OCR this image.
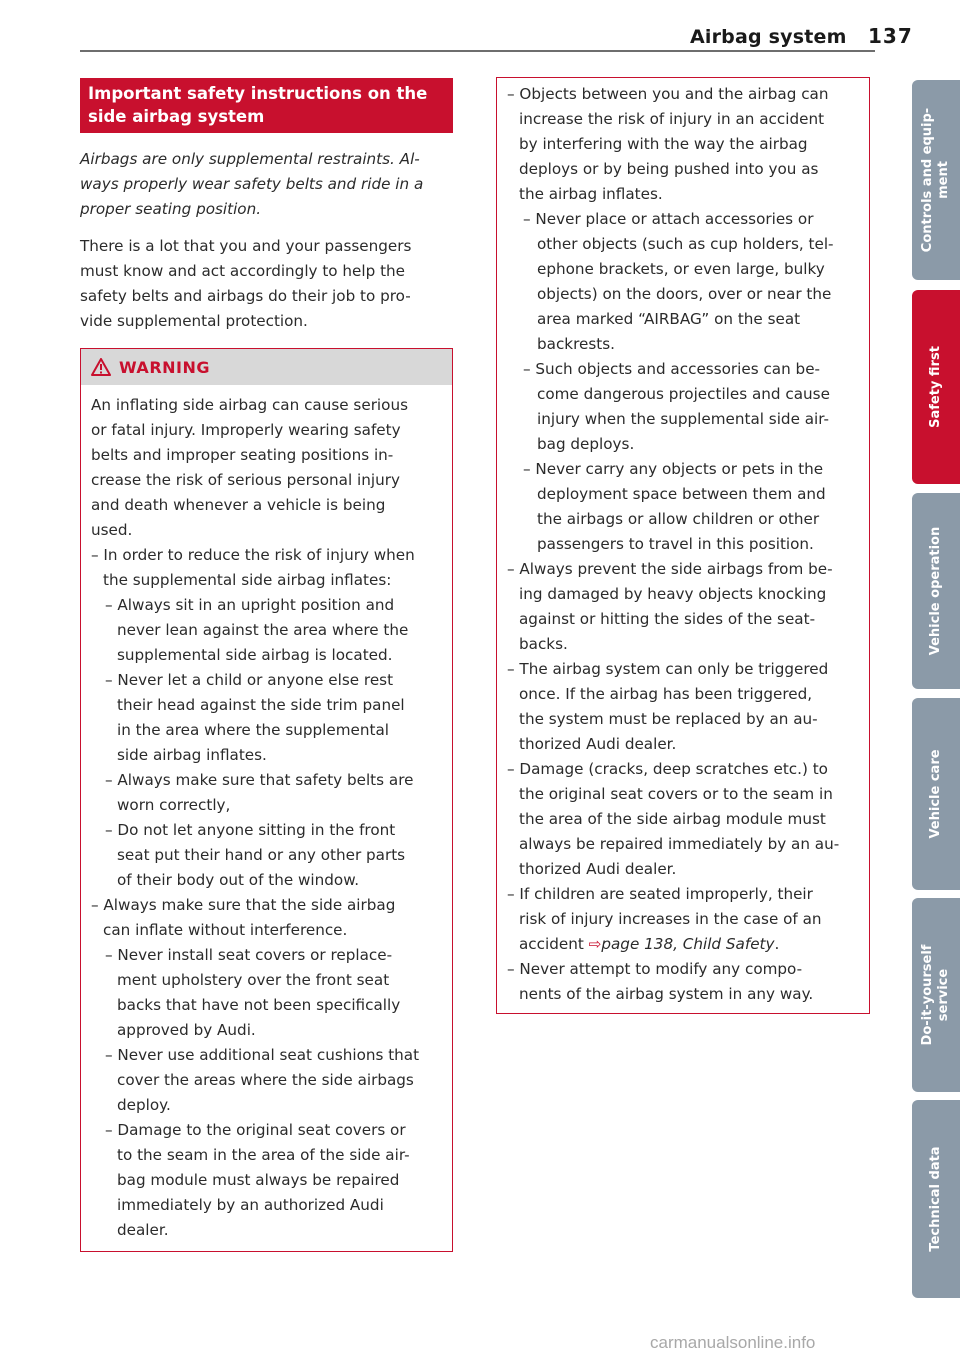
Airbag system 137
Important safety instructions on the
side airbag system
Airbags are only supplemental restraints. Al-
ways properly wear safety belts and ride in a
proper seating position.
There is a lot that you and your passengers
must know and act accordingly to help the
safety belts and airbags do their job to pro-
vide supplemental protection.
WARNING
An inflating side airbag can cause serious
or fatal injury. Improperly wearing safety
belts and improper seating positions in-
crease the risk of serious personal injury
and death whenever a vehicle is being
used.
– In order to reduce the risk of injury when
the supplemental side airbag inflates:
– Always sit in an upright position and
never lean against the area where the
supplemental side airbag is located.
– Never let a child or anyone else rest
their head against the side trim panel
in the area where the supplemental
side airbag inflates.
– Always make sure that safety belts are
worn correctly,
– Do not let anyone sitting in the front
seat put their hand or any other parts
of their body out of the window.
– Always make sure that the side airbag
can inflate without interference.
– Never install seat covers or replace-
ment upholstery over the front seat
backs that have not been specifically
approved by Audi.
– Never use additional seat cushions that
cover the areas where the side airbags
deploy.
– Damage to the original seat covers or
to the seam in the area of the side air-
bag module must always be repaired
immediately by an authorized Audi
dealer.
– Objects between you and the airbag can
increase the risk of injury in an accident
by interfering with the way the airbag
deploys or by being pushed into you as
the airbag inflates.
– Never place or attach accessories or
other objects (such as cup holders, tel-
ephone brackets, or even large, bulky
objects) on the doors, over or near the
area marked “AIRBAG” on the seat
backrests.
– Such objects and accessories can be-
come dangerous projectiles and cause
injury when the supplemental side air-
bag deploys.
– Never carry any objects or pets in the
deployment space between them and
the airbags or allow children or other
passengers to travel in this position.
– Always prevent the side airbags from be-
ing damaged by heavy objects knocking
against or hitting the sides of the seat-
backs.
– The airbag system can only be triggered
once. If the airbag has been triggered,
the system must be replaced by an au-
thorized Audi dealer.
– Damage (cracks, deep scratches etc.) to
the original seat covers or to the seam in
the area of the side airbag module must
always be repaired immediately by an au-
thorized Audi dealer.
– If children are seated improperly, their
risk of injury increases in the case of an
accident ⇨page 138, Child Safety.
– Never attempt to modify any compo-
nents of the airbag system in any way.
Controls and equip- ment
Safety first
Vehicle operation
Vehicle care
Do-it-yourself service
Technical data
carmanualsonline.info
